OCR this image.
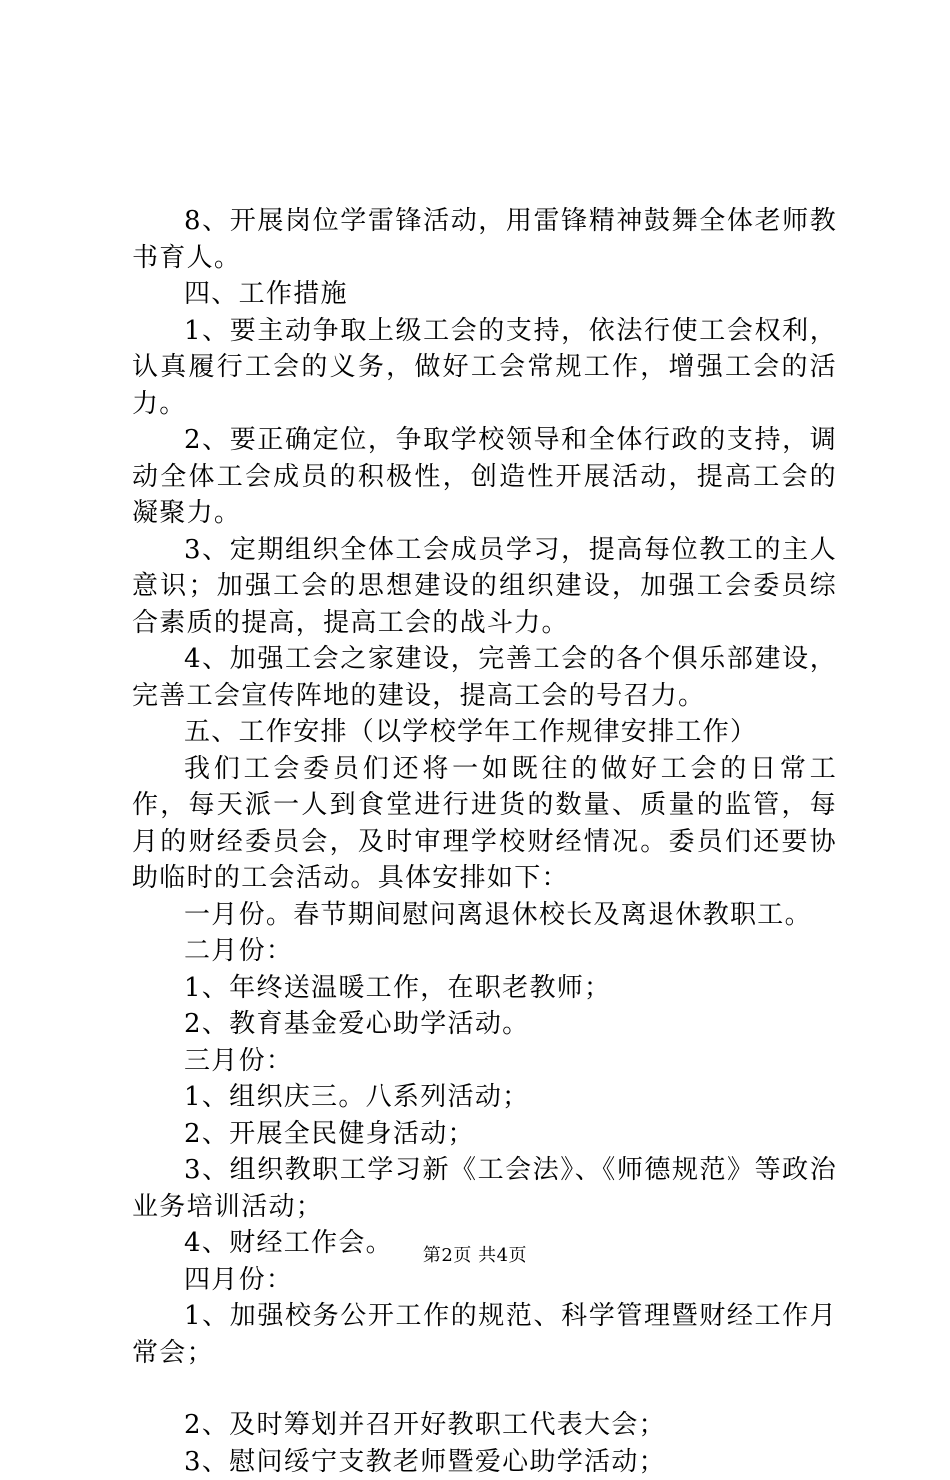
8、开展岗位学雷锋活动，用雷锋精神鼓舞全体老师教书育人。

四、工作措施

1、要主动争取上级工会的支持，依法行使工会权利，认真履行工会的义务，做好工会常规工作，增强工会的活力。

2、要正确定位，争取学校领导和全体行政的支持，调动全体工会成员的积极性，创造性开展活动，提高工会的凝聚力。

3、定期组织全体工会成员学习，提高每位教工的主人意识；加强工会的思想建设的组织建设，加强工会委员综合素质的提高，提高工会的战斗力。

4、加强工会之家建设，完善工会的各个俱乐部建设，完善工会宣传阵地的建设，提高工会的号召力。

五、工作安排（以学校学年工作规律安排工作）

我们工会委员们还将一如既往的做好工会的日常工作，每天派一人到食堂进行进货的数量、质量的监管，每月的财经委员会，及时审理学校财经情况。委员们还要协助临时的工会活动。具体安排如下：

一月份。春节期间慰问离退休校长及离退休教职工。

二月份：

1、年终送温暖工作，在职老教师；

2、教育基金爱心助学活动。

三月份：

1、组织庆三。八系列活动；

2、开展全民健身活动；

3、组织教职工学习新《工会法》、《师德规范》等政治业务培训活动；

4、财经工作会。

四月份：

1、加强校务公开工作的规范、科学管理暨财经工作月常会；

2、及时筹划并召开好教职工代表大会；

3、慰问绥宁支教老师暨爱心助学活动；

第2页 共4页
